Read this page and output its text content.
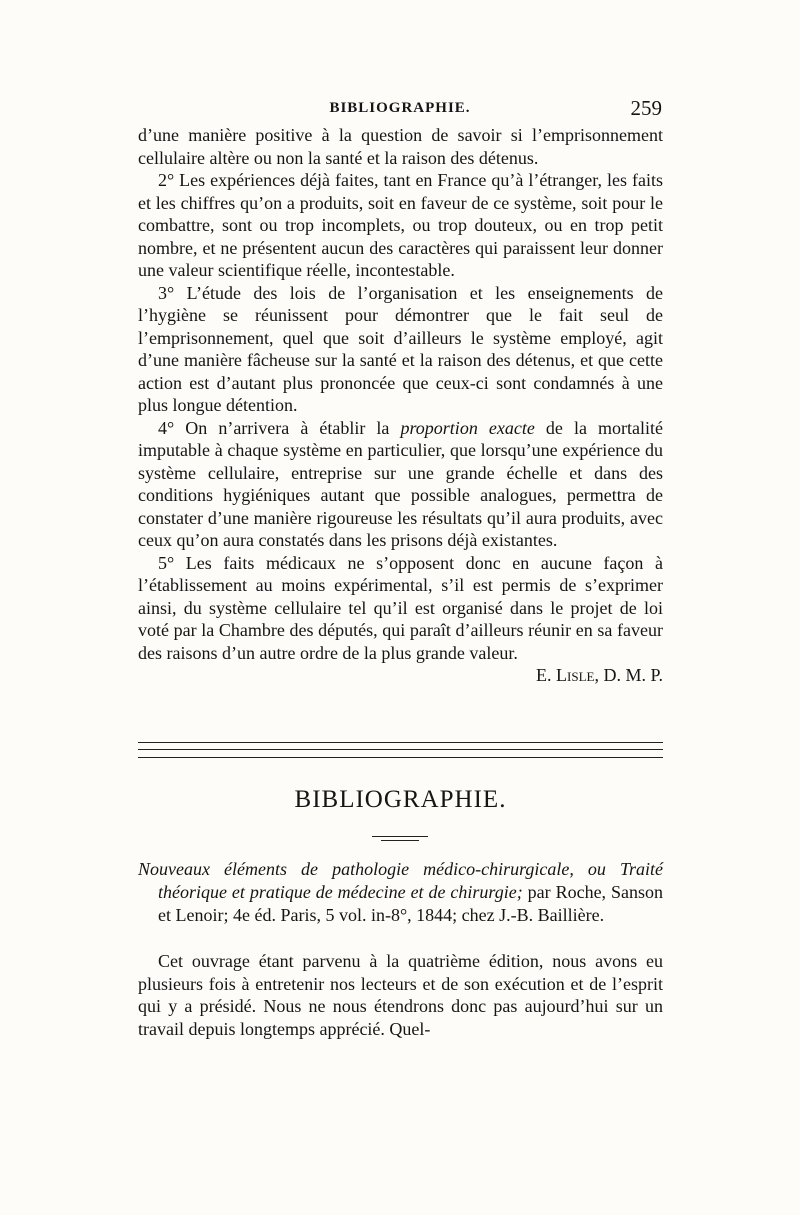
BIBLIOGRAPHIE.	259

d’une manière positive à la question de savoir si l’emprisonnement cellulaire altère ou non la santé et la raison des détenus.

2° Les expériences déjà faites, tant en France qu’à l’étranger, les faits et les chiffres qu’on a produits, soit en faveur de ce système, soit pour le combattre, sont ou trop incomplets, ou trop douteux, ou en trop petit nombre, et ne présentent aucun des caractères qui paraissent leur donner une valeur scientifique réelle, incontestable.

3° L’étude des lois de l’organisation et les enseignements de l’hygiène se réunissent pour démontrer que le fait seul de l’emprisonnement, quel que soit d’ailleurs le système employé, agit d’une manière fâcheuse sur la santé et la raison des détenus, et que cette action est d’autant plus prononcée que ceux-ci sont condamnés à une plus longue détention.

4° On n’arrivera à établir la proportion exacte de la mortalité imputable à chaque système en particulier, que lorsqu’une expérience du système cellulaire, entreprise sur une grande échelle et dans des conditions hygiéniques autant que possible analogues, permettra de constater d’une manière rigoureuse les résultats qu’il aura produits, avec ceux qu’on aura constatés dans les prisons déjà existantes.

5° Les faits médicaux ne s’opposent donc en aucune façon à l’établissement au moins expérimental, s’il est permis de s’exprimer ainsi, du système cellulaire tel qu’il est organisé dans le projet de loi voté par la Chambre des députés, qui paraît d’ailleurs réunir en sa faveur des raisons d’un autre ordre de la plus grande valeur.

E. Lisle, D. M. P.
BIBLIOGRAPHIE.

Nouveaux éléments de pathologie médico-chirurgicale, ou Traité théorique et pratique de médecine et de chirurgie; par Roche, Sanson et Lenoir; 4e éd. Paris, 5 vol. in-8°, 1844; chez J.-B. Baillière.

Cet ouvrage étant parvenu à la quatrième édition, nous avons eu plusieurs fois à entretenir nos lecteurs et de son exécution et de l’esprit qui y a présidé. Nous ne nous étendrons donc pas aujourd’hui sur un travail depuis longtemps apprécié. Quel-
